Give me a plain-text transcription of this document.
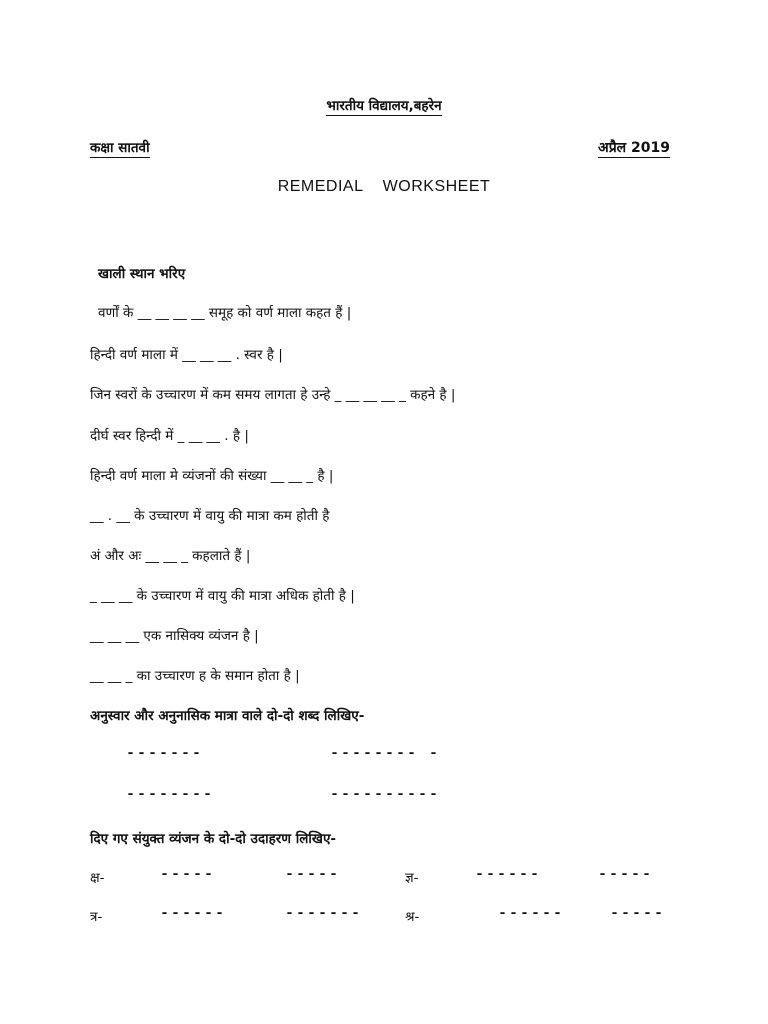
भारतीय विद्यालय,बहरेन
कक्षा सातवी	अप्रैल 2019
REMEDIAL    WORKSHEET
खाली स्थान भरिए
वर्णों के __ __ __ __ समूह को वर्ण माला कहत हैं |
हिन्दी वर्ण माला में __ __ __ . स्वर है |
जिन स्वरों के उच्चारण में कम समय लागता हे उन्हे _ __ __ __ _ कहने है |
दीर्घ स्वर हिन्दी में _ __ __ . है |
हिन्दी वर्ण माला मे व्यंजनों की संख्या __ __ _ है |
__ . __ के उच्चारण में वायु की मात्रा कम होती है
अं और अः __ __ _ कहलाते हैं |
_ __ __ के उच्चारण में वायु की मात्रा अधिक होती है |
__ __ __ एक नासिक्य व्यंजन है |
__ __ _ का उच्चारण ह के समान होता है |
अनुस्वार और अनुनासिक मात्रा वाले दो-दो शब्द लिखिए-
-------	-------- -
--------	----------
दिए गए संयुक्त व्यंजन के दो-दो उदाहरण लिखिए-
क्ष-	-----	-----	ज्ञ-	------	-----
त्र-	------	-------	श्र-	------	-----
